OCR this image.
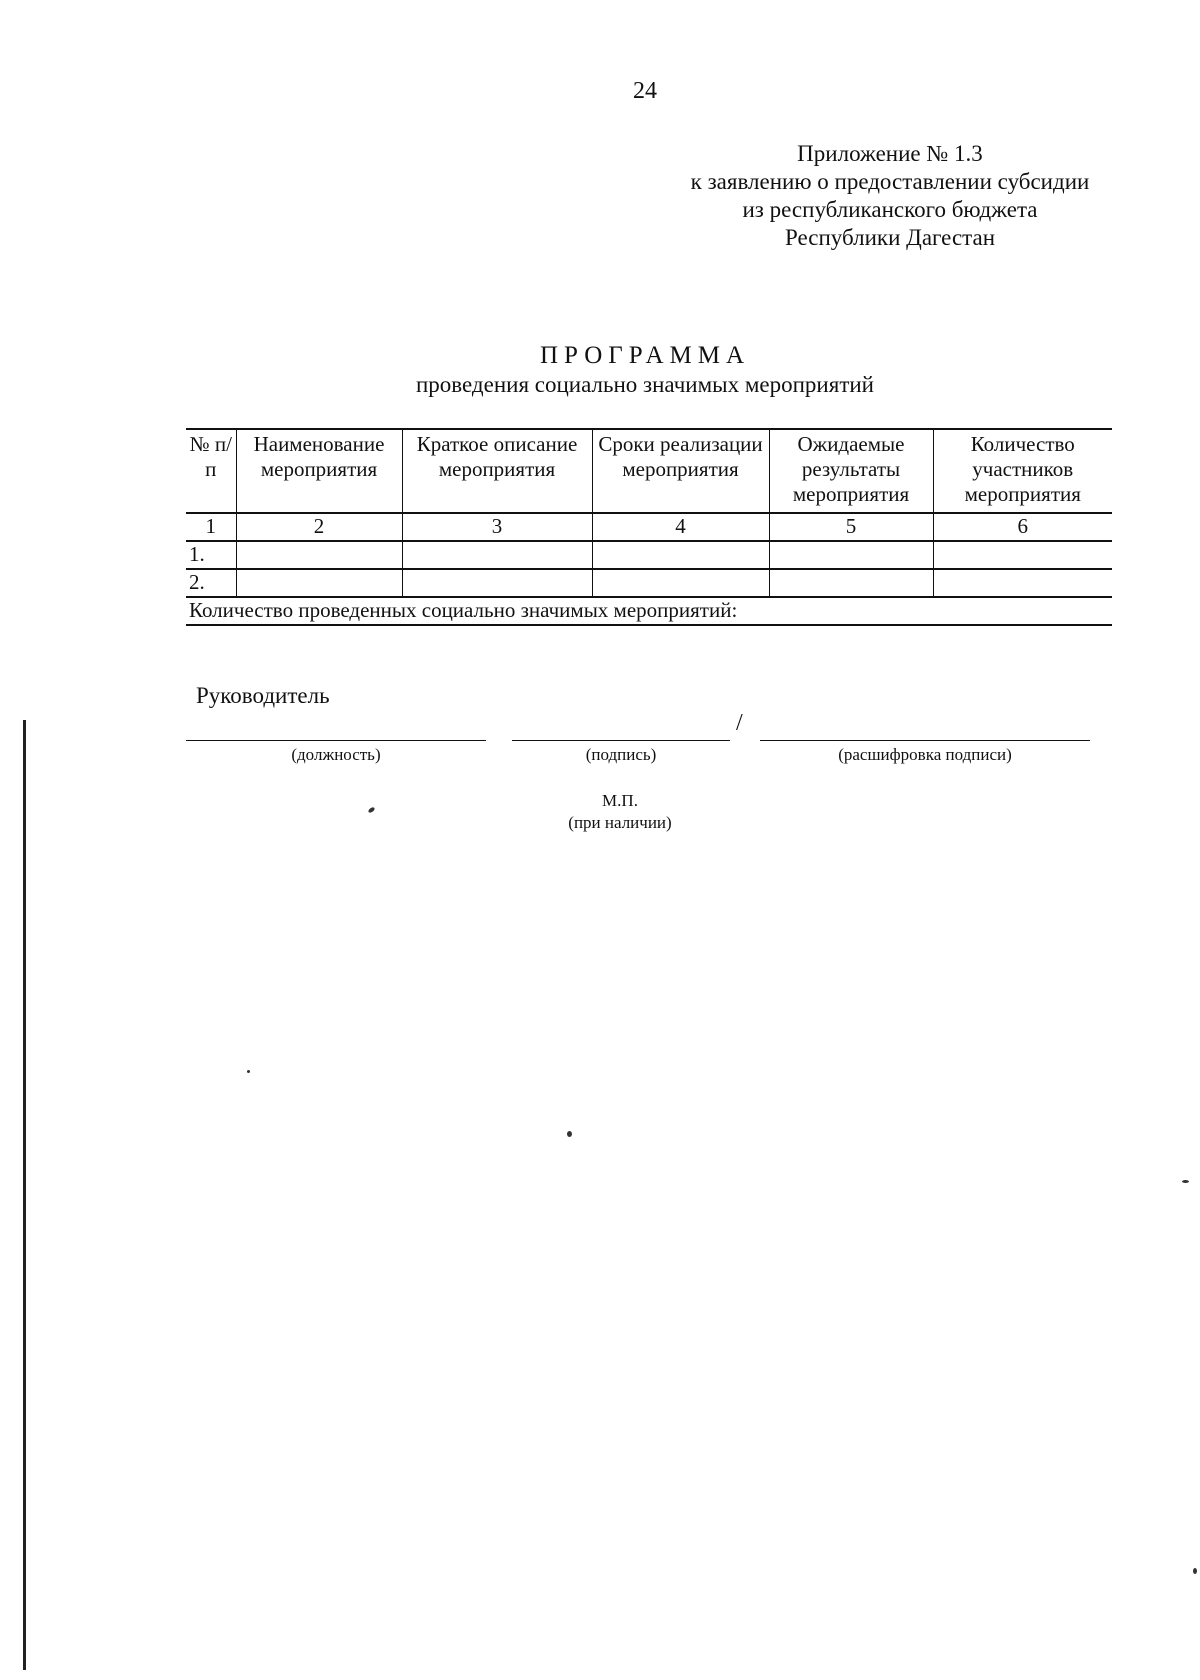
24
Приложение № 1.3
к заявлению о предоставлении субсидии
из республиканского бюджета
Республики Дагестан
ПРОГРАММА
проведения социально значимых мероприятий
№ п/п	Наименование мероприятия	Краткое описание мероприятия	Сроки реализации мероприятия	Ожидаемые результаты мероприятия	Количество участников мероприятия
1	2	3	4	5	6
1.					
2.					
Количество проведенных социально значимых мероприятий:					
Руководитель
/
(должность)	(подпись)	(расшифровка подписи)
М.П.
(при наличии)
